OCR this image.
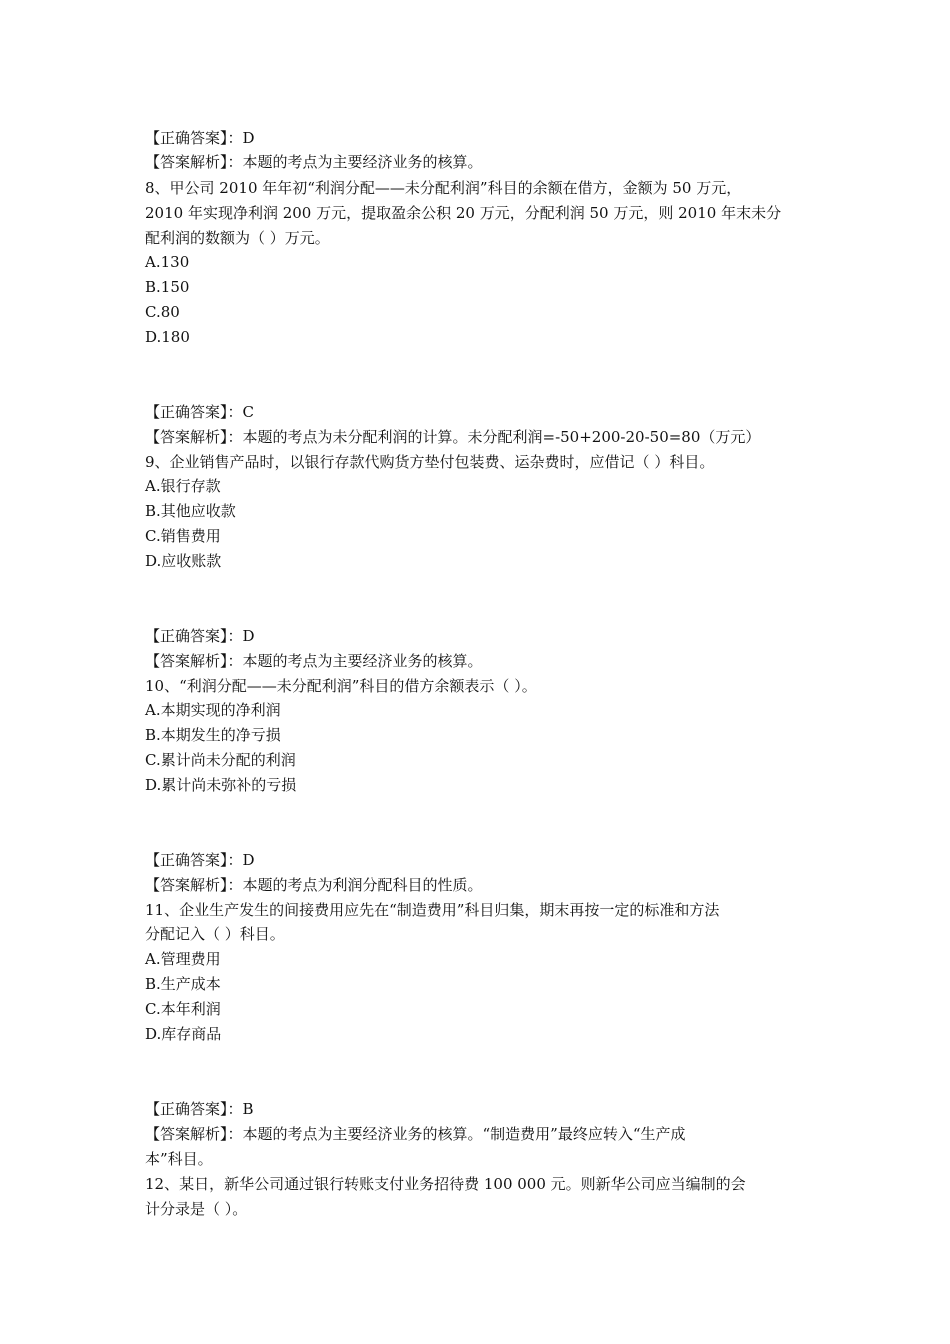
【正确答案】：D
【答案解析】：本题的考点为主要经济业务的核算。
8、甲公司 2010 年年初“利润分配——未分配利润”科目的余额在借方，金额为 50 万元，
2010 年实现净利润 200 万元，提取盈余公积 20 万元，分配利润 50 万元，则 2010 年末未分
配利润的数额为（ ）万元。
A.130
B.150
C.80
D.180
【正确答案】：C
【答案解析】：本题的考点为未分配利润的计算。未分配利润=-50+200-20-50=80（万元）
9、企业销售产品时，以银行存款代购货方垫付包装费、运杂费时，应借记（ ）科目。
A.银行存款
B.其他应收款
C.销售费用
D.应收账款
【正确答案】：D
【答案解析】：本题的考点为主要经济业务的核算。
10、“利润分配——未分配利润”科目的借方余额表示（ ）。
A.本期实现的净利润
B.本期发生的净亏损
C.累计尚未分配的利润
D.累计尚未弥补的亏损
【正确答案】：D
【答案解析】：本题的考点为利润分配科目的性质。
11、企业生产发生的间接费用应先在“制造费用”科目归集，期末再按一定的标准和方法
分配记入（ ）科目。
A.管理费用
B.生产成本
C.本年利润
D.库存商品
【正确答案】：B
【答案解析】：本题的考点为主要经济业务的核算。“制造费用”最终应转入“生产成
本”科目。
12、某日，新华公司通过银行转账支付业务招待费 100 000 元。则新华公司应当编制的会
计分录是（ ）。
